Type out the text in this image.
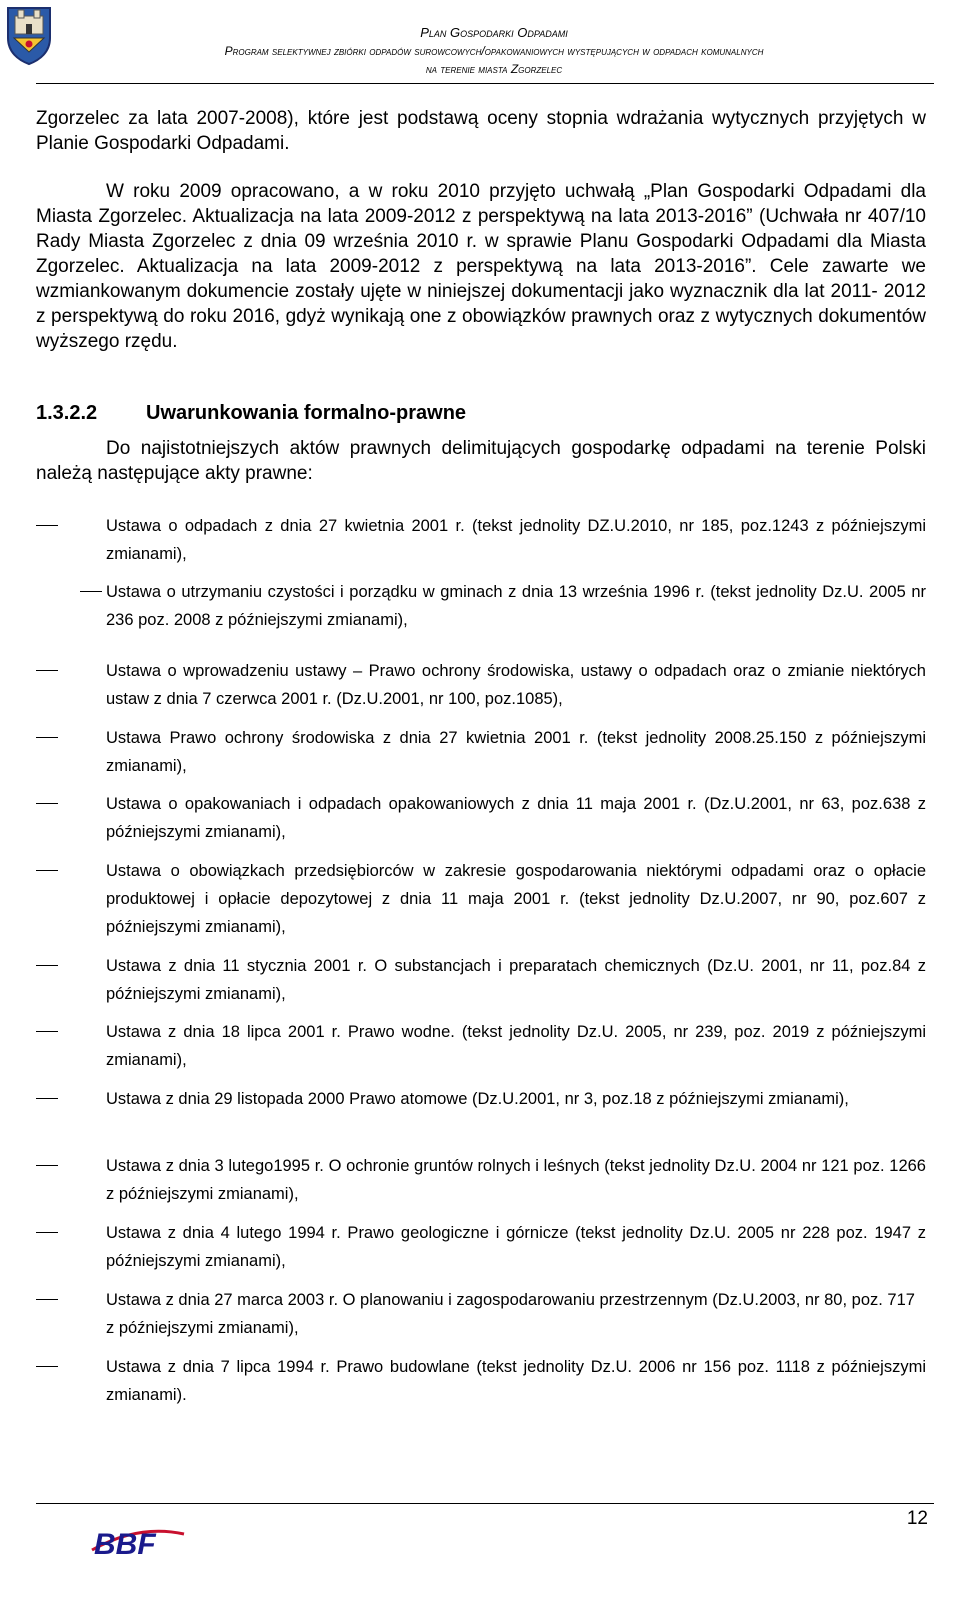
Plan Gospodarki Odpadami
Program selektywnej zbiórki odpadów surowcowych/opakowaniowych występujących w odpadach komunalnych
na terenie miasta Zgorzelec
Zgorzelec za lata 2007-2008), które jest podstawą oceny stopnia wdrażania wytycznych przyjętych w Planie Gospodarki Odpadami.
W roku 2009 opracowano, a w roku 2010 przyjęto uchwałą „Plan Gospodarki Odpadami dla Miasta Zgorzelec. Aktualizacja na lata 2009-2012 z perspektywą na lata 2013-2016” (Uchwała nr 407/10 Rady Miasta Zgorzelec z dnia 09 września 2010 r. w sprawie Planu Gospodarki Odpadami dla Miasta Zgorzelec. Aktualizacja na lata 2009-2012 z perspektywą na lata 2013-2016”. Cele zawarte we wzmiankowanym dokumencie zostały ujęte w niniejszej dokumentacji jako wyznacznik dla lat 2011- 2012 z perspektywą do roku 2016, gdyż wynikają one z obowiązków prawnych oraz z wytycznych dokumentów wyższego rzędu.
1.3.2.2 Uwarunkowania formalno-prawne
Do najistotniejszych aktów prawnych delimitujących gospodarkę odpadami na terenie Polski należą następujące akty prawne:
Ustawa o odpadach z dnia 27 kwietnia 2001 r. (tekst jednolity DZ.U.2010, nr 185, poz.1243 z późniejszymi zmianami),
Ustawa o utrzymaniu czystości i porządku w gminach z dnia 13 września 1996 r. (tekst jednolity Dz.U. 2005 nr 236 poz. 2008 z późniejszymi zmianami),
Ustawa o wprowadzeniu ustawy – Prawo ochrony środowiska, ustawy o odpadach oraz o zmianie niektórych ustaw z dnia 7 czerwca 2001 r. (Dz.U.2001, nr 100, poz.1085),
Ustawa Prawo ochrony środowiska z dnia 27 kwietnia 2001 r. (tekst jednolity 2008.25.150 z późniejszymi zmianami),
Ustawa o opakowaniach i odpadach opakowaniowych z dnia 11 maja 2001 r. (Dz.U.2001, nr 63, poz.638 z późniejszymi zmianami),
Ustawa o obowiązkach przedsiębiorców w zakresie gospodarowania niektórymi odpadami oraz o opłacie produktowej i opłacie depozytowej z dnia 11 maja 2001 r. (tekst jednolity Dz.U.2007, nr 90, poz.607 z późniejszymi zmianami),
Ustawa z dnia 11 stycznia 2001 r. O substancjach i preparatach chemicznych (Dz.U. 2001, nr 11, poz.84 z późniejszymi zmianami),
Ustawa z dnia 18 lipca 2001 r. Prawo wodne. (tekst jednolity Dz.U. 2005, nr 239, poz. 2019 z późniejszymi zmianami),
Ustawa z dnia 29 listopada 2000 Prawo atomowe (Dz.U.2001, nr 3, poz.18 z późniejszymi zmianami),
Ustawa z dnia 3 lutego1995 r. O ochronie gruntów rolnych i leśnych (tekst jednolity Dz.U. 2004 nr 121 poz. 1266 z późniejszymi zmianami),
Ustawa z dnia 4 lutego 1994 r. Prawo geologiczne i górnicze (tekst jednolity Dz.U. 2005 nr 228 poz. 1947 z późniejszymi zmianami),
Ustawa z dnia 27 marca 2003 r. O planowaniu i zagospodarowaniu przestrzennym (Dz.U.2003, nr 80, poz. 717 z późniejszymi zmianami),
Ustawa z dnia 7 lipca 1994 r. Prawo budowlane (tekst jednolity Dz.U. 2006 nr 156 poz. 1118 z późniejszymi zmianami).
12
BBF
